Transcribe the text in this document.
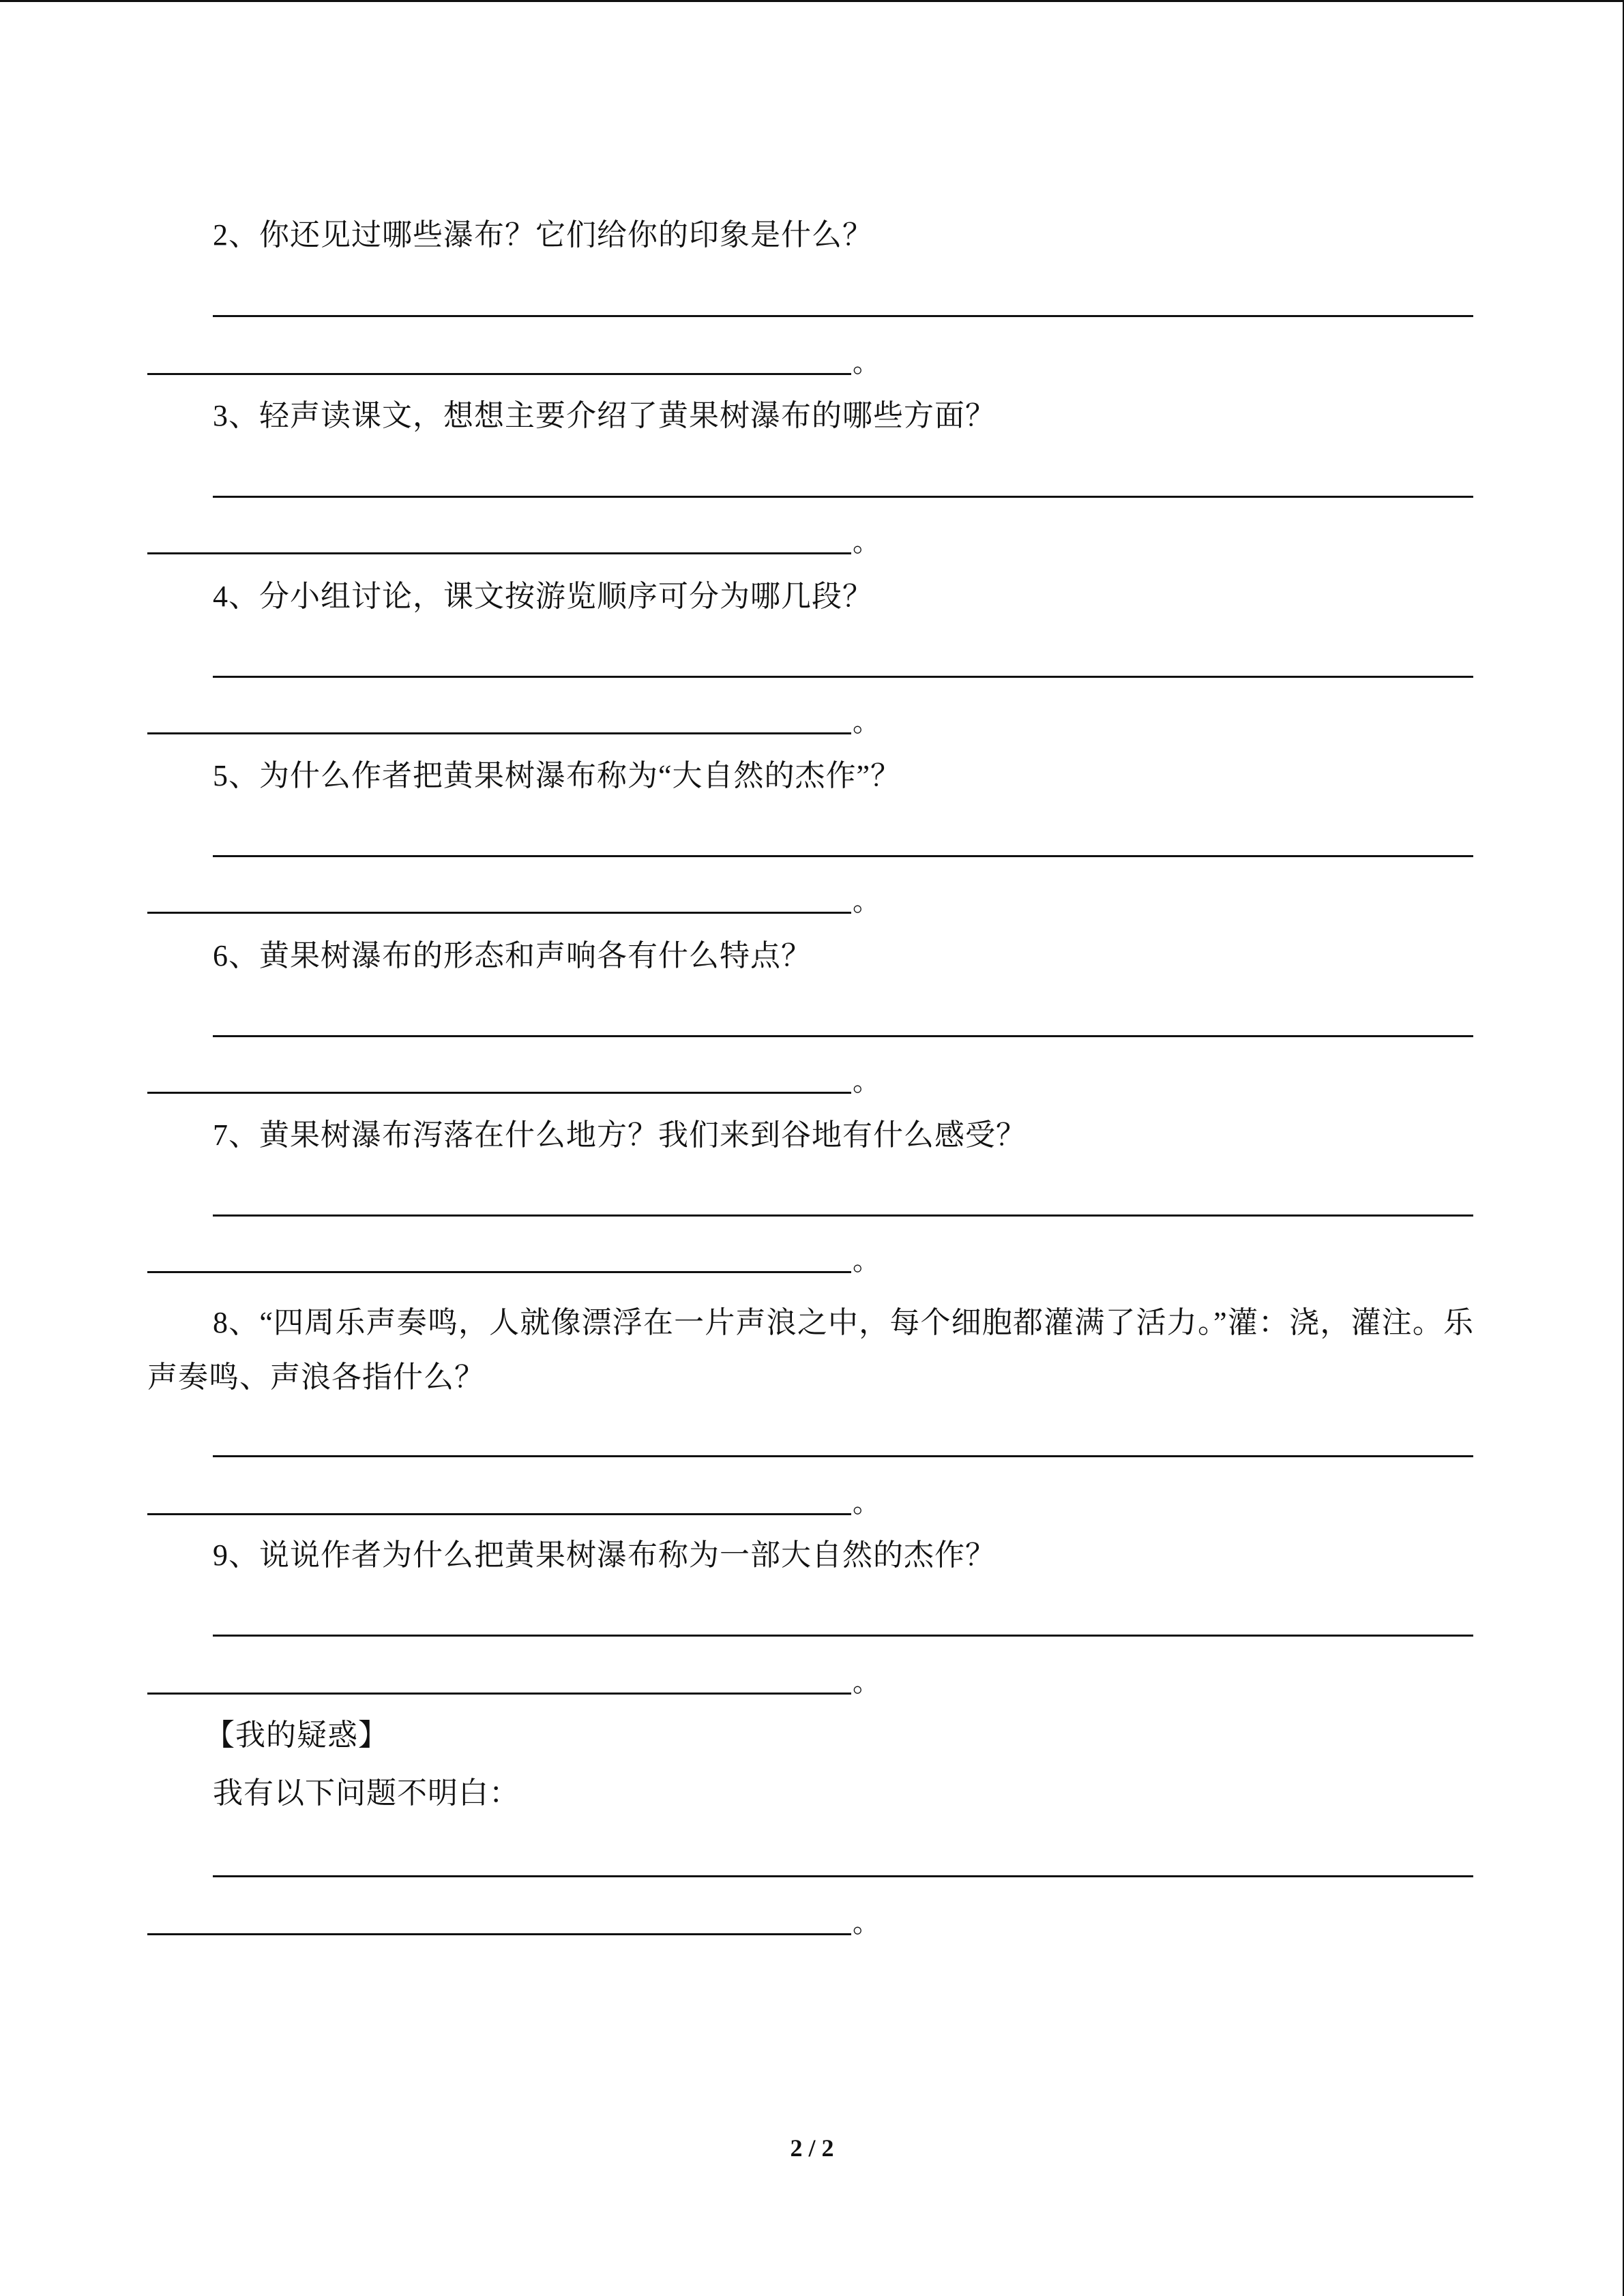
2、你还见过哪些瀑布？它们给你的印象是什么？
。
3、轻声读课文，想想主要介绍了黄果树瀑布的哪些方面？
。
4、分小组讨论，课文按游览顺序可分为哪几段？
。
5、为什么作者把黄果树瀑布称为“大自然的杰作”？
。
6、黄果树瀑布的形态和声响各有什么特点？
。
7、黄果树瀑布泻落在什么地方？我们来到谷地有什么感受？
。
8、“四周乐声奏鸣，人就像漂浮在一片声浪之中，每个细胞都灌满了活力。”灌：浇，灌注。乐声奏鸣、声浪各指什么？
。
9、说说作者为什么把黄果树瀑布称为一部大自然的杰作？
。
【我的疑惑】
我有以下问题不明白：
。
2 / 2
